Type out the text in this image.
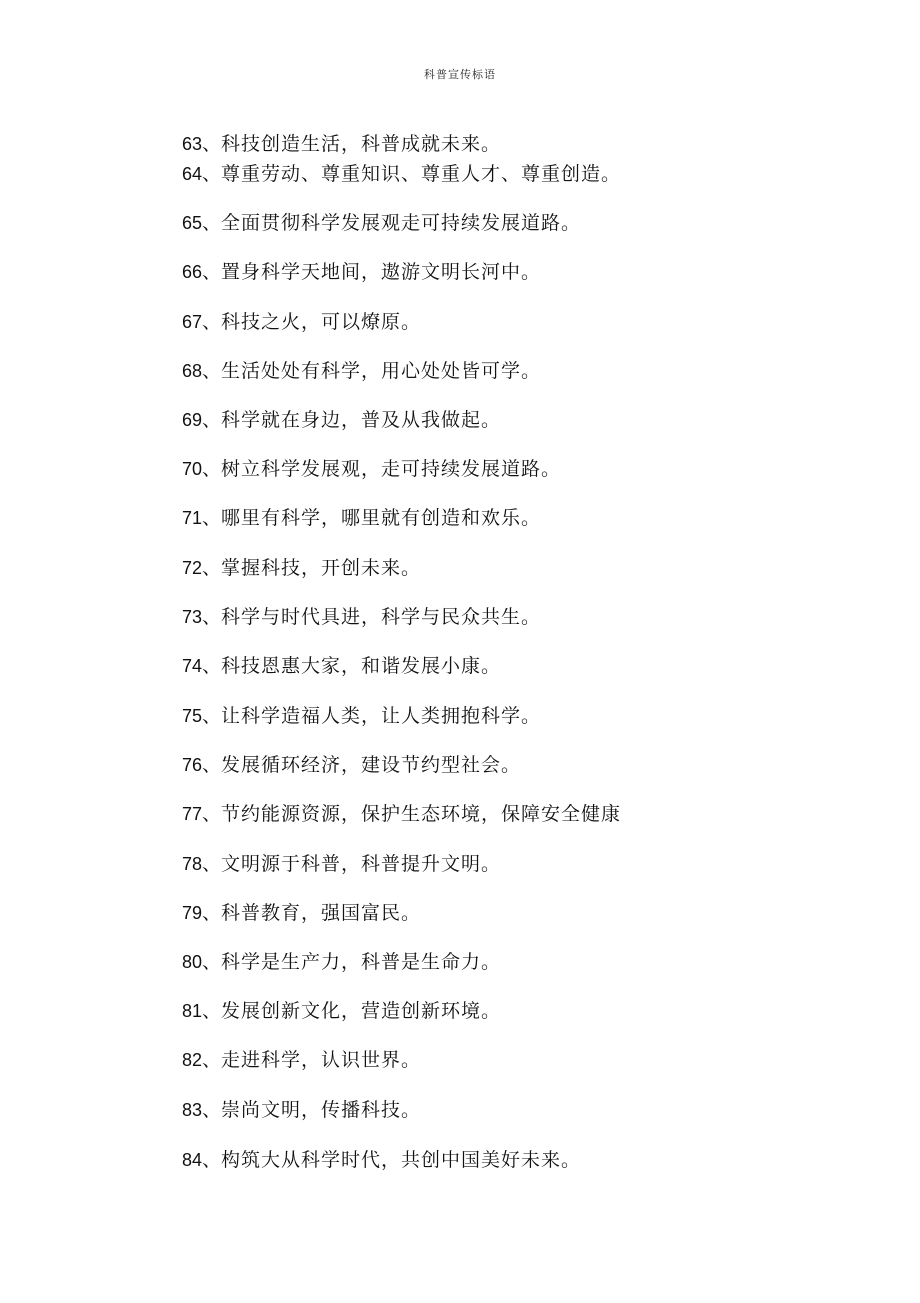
科普宣传标语
63、科技创造生活，科普成就未来。
64、尊重劳动、尊重知识、尊重人才、尊重创造。
65、全面贯彻科学发展观走可持续发展道路。
66、置身科学天地间，遨游文明长河中。
67、科技之火，可以燎原。
68、生活处处有科学，用心处处皆可学。
69、科学就在身边，普及从我做起。
70、树立科学发展观，走可持续发展道路。
71、哪里有科学，哪里就有创造和欢乐。
72、掌握科技，开创未来。
73、科学与时代具进，科学与民众共生。
74、科技恩惠大家，和谐发展小康。
75、让科学造福人类，让人类拥抱科学。
76、发展循环经济，建设节约型社会。
77、节约能源资源，保护生态环境，保障安全健康
78、文明源于科普，科普提升文明。
79、科普教育，强国富民。
80、科学是生产力，科普是生命力。
81、发展创新文化，营造创新环境。
82、走进科学，认识世界。
83、崇尚文明，传播科技。
84、构筑大从科学时代，共创中国美好未来。
